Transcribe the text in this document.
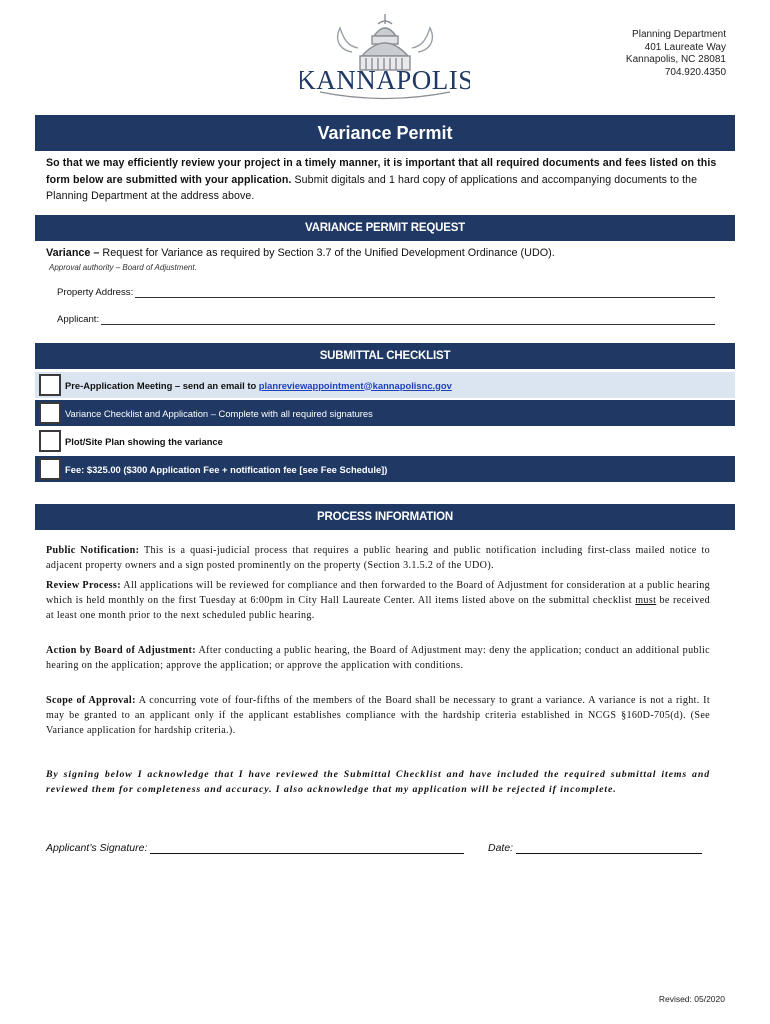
KANNAPOLIS
Planning Department
401 Laureate Way
Kannapolis, NC 28081
704.920.4350
Variance Permit
So that we may efficiently review your project in a timely manner, it is important that all required documents and fees listed on this form below are submitted with your application. Submit digitals and 1 hard copy of applications and accompanying documents to the Planning Department at the address above.
VARIANCE PERMIT REQUEST
Variance – Request for Variance as required by Section 3.7 of the Unified Development Ordinance (UDO).
Approval authority – Board of Adjustment.
Property Address:
Applicant:
SUBMITTAL CHECKLIST
Pre-Application Meeting – send an email to planreviewappointment@kannapolisnc.gov
Variance Checklist and Application – Complete with all required signatures
Plot/Site Plan showing the variance
Fee: $325.00 ($300 Application Fee + notification fee [see Fee Schedule])
PROCESS INFORMATION
Public Notification: This is a quasi-judicial process that requires a public hearing and public notification including first-class mailed notice to adjacent property owners and a sign posted prominently on the property (Section 3.1.5.2 of the UDO).
Review Process: All applications will be reviewed for compliance and then forwarded to the Board of Adjustment for consideration at a public hearing which is held monthly on the first Tuesday at 6:00pm in City Hall Laureate Center. All items listed above on the submittal checklist must be received at least one month prior to the next scheduled public hearing.
Action by Board of Adjustment: After conducting a public hearing, the Board of Adjustment may: deny the application; conduct an additional public hearing on the application; approve the application; or approve the application with conditions.
Scope of Approval: A concurring vote of four-fifths of the members of the Board shall be necessary to grant a variance. A variance is not a right. It may be granted to an applicant only if the applicant establishes compliance with the hardship criteria established in NCGS §160D-705(d). (See Variance application for hardship criteria.).
By signing below I acknowledge that I have reviewed the Submittal Checklist and have included the required submittal items and reviewed them for completeness and accuracy. I also acknowledge that my application will be rejected if incomplete.
Applicant’s Signature:	Date:
Revised: 05/2020
